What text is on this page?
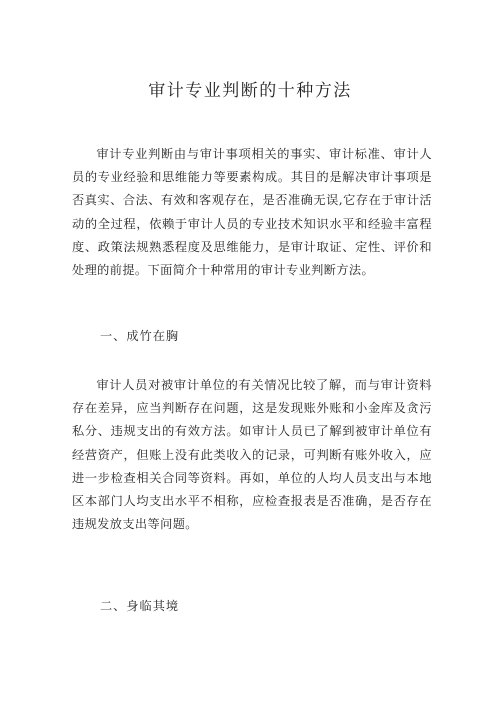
审计专业判断的十种方法
审计专业判断由与审计事项相关的事实、审计标准、审计人员的专业经验和思维能力等要素构成。其目的是解决审计事项是否真实、合法、有效和客观存在，是否准确无误,它存在于审计活动的全过程，依赖于审计人员的专业技术知识水平和经验丰富程度、政策法规熟悉程度及思维能力，是审计取证、定性、评价和处理的前提。下面简介十种常用的审计专业判断方法。
一、成竹在胸
审计人员对被审计单位的有关情况比较了解，而与审计资料存在差异，应当判断存在问题，这是发现账外账和小金库及贪污私分、违规支出的有效方法。如审计人员已了解到被审计单位有经营资产，但账上没有此类收入的记录，可判断有账外收入，应进一步检查相关合同等资料。再如，单位的人均人员支出与本地区本部门人均支出水平不相称，应检查报表是否准确，是否存在违规发放支出等问题。
二、身临其境
